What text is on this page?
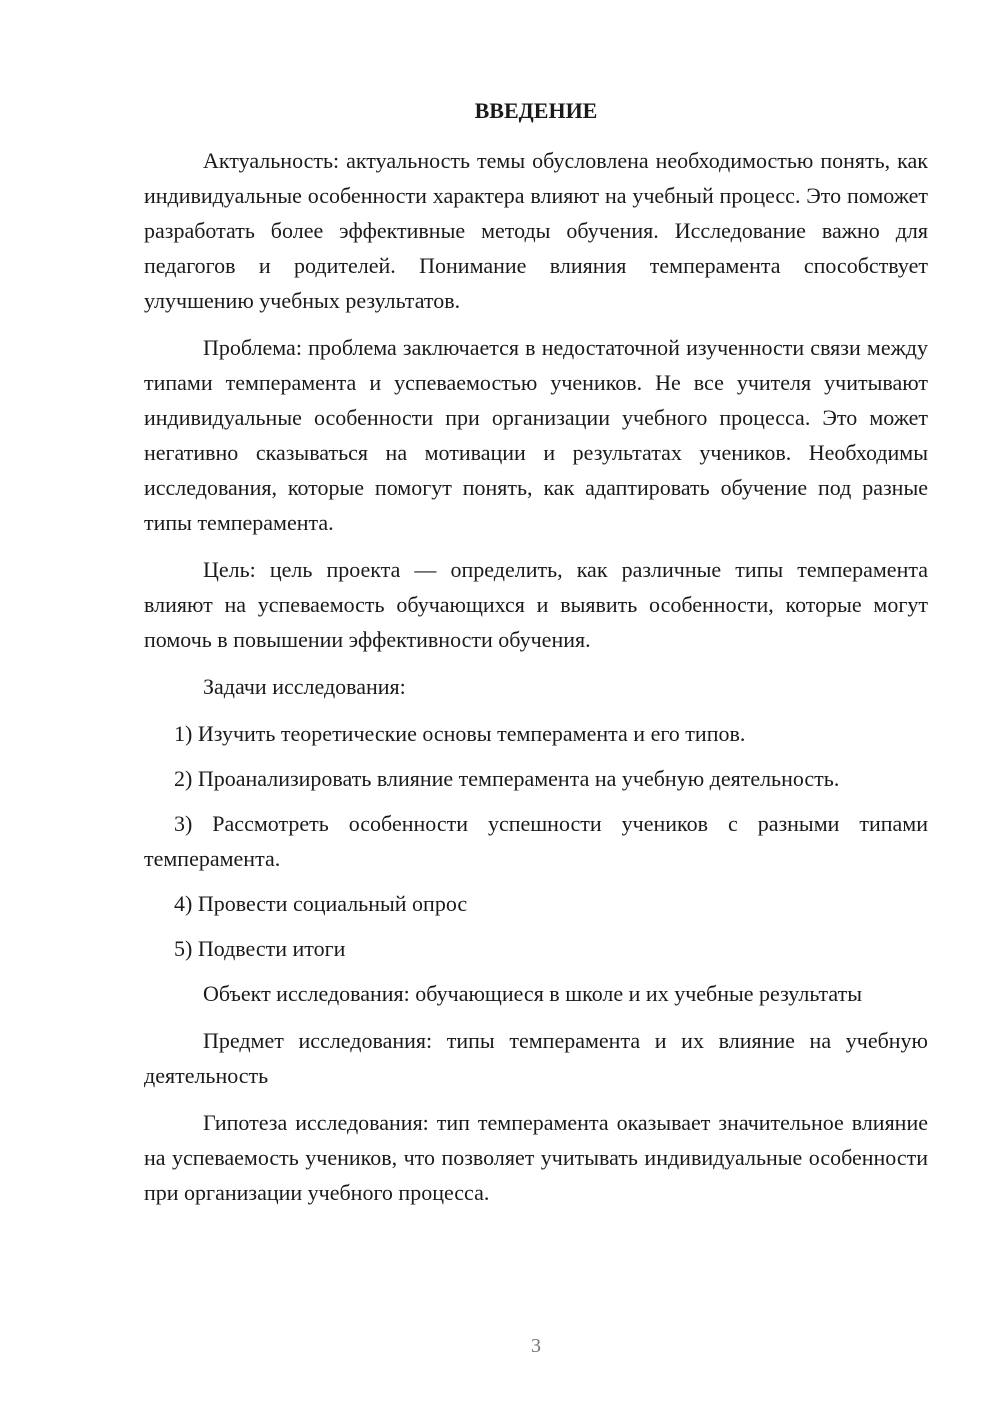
ВВЕДЕНИЕ

Актуальность: актуальность темы обусловлена необходимостью понять, как индивидуальные особенности характера влияют на учебный процесс. Это поможет разработать более эффективные методы обучения. Исследование важно для педагогов и родителей. Понимание влияния темперамента способствует улучшению учебных результатов.

Проблема: проблема заключается в недостаточной изученности связи между типами темперамента и успеваемостью учеников. Не все учителя учитывают индивидуальные особенности при организации учебного процесса. Это может негативно сказываться на мотивации и результатах учеников. Необходимы исследования, которые помогут понять, как адаптировать обучение под разные типы темперамента.

Цель: цель проекта — определить, как различные типы темперамента влияют на успеваемость обучающихся и выявить особенности, которые могут помочь в повышении эффективности обучения.

Задачи исследования:

1) Изучить теоретические основы темперамента и его типов.

2) Проанализировать влияние темперамента на учебную деятельность.

3) Рассмотреть особенности успешности учеников с разными типами темперамента.

4) Провести социальный опрос

5) Подвести итоги

Объект исследования: обучающиеся в школе и их учебные результаты

Предмет исследования: типы темперамента и их влияние на учебную деятельность

Гипотеза исследования: тип темперамента оказывает значительное влияние на успеваемость учеников, что позволяет учитывать индивидуальные особенности при организации учебного процесса.

3
